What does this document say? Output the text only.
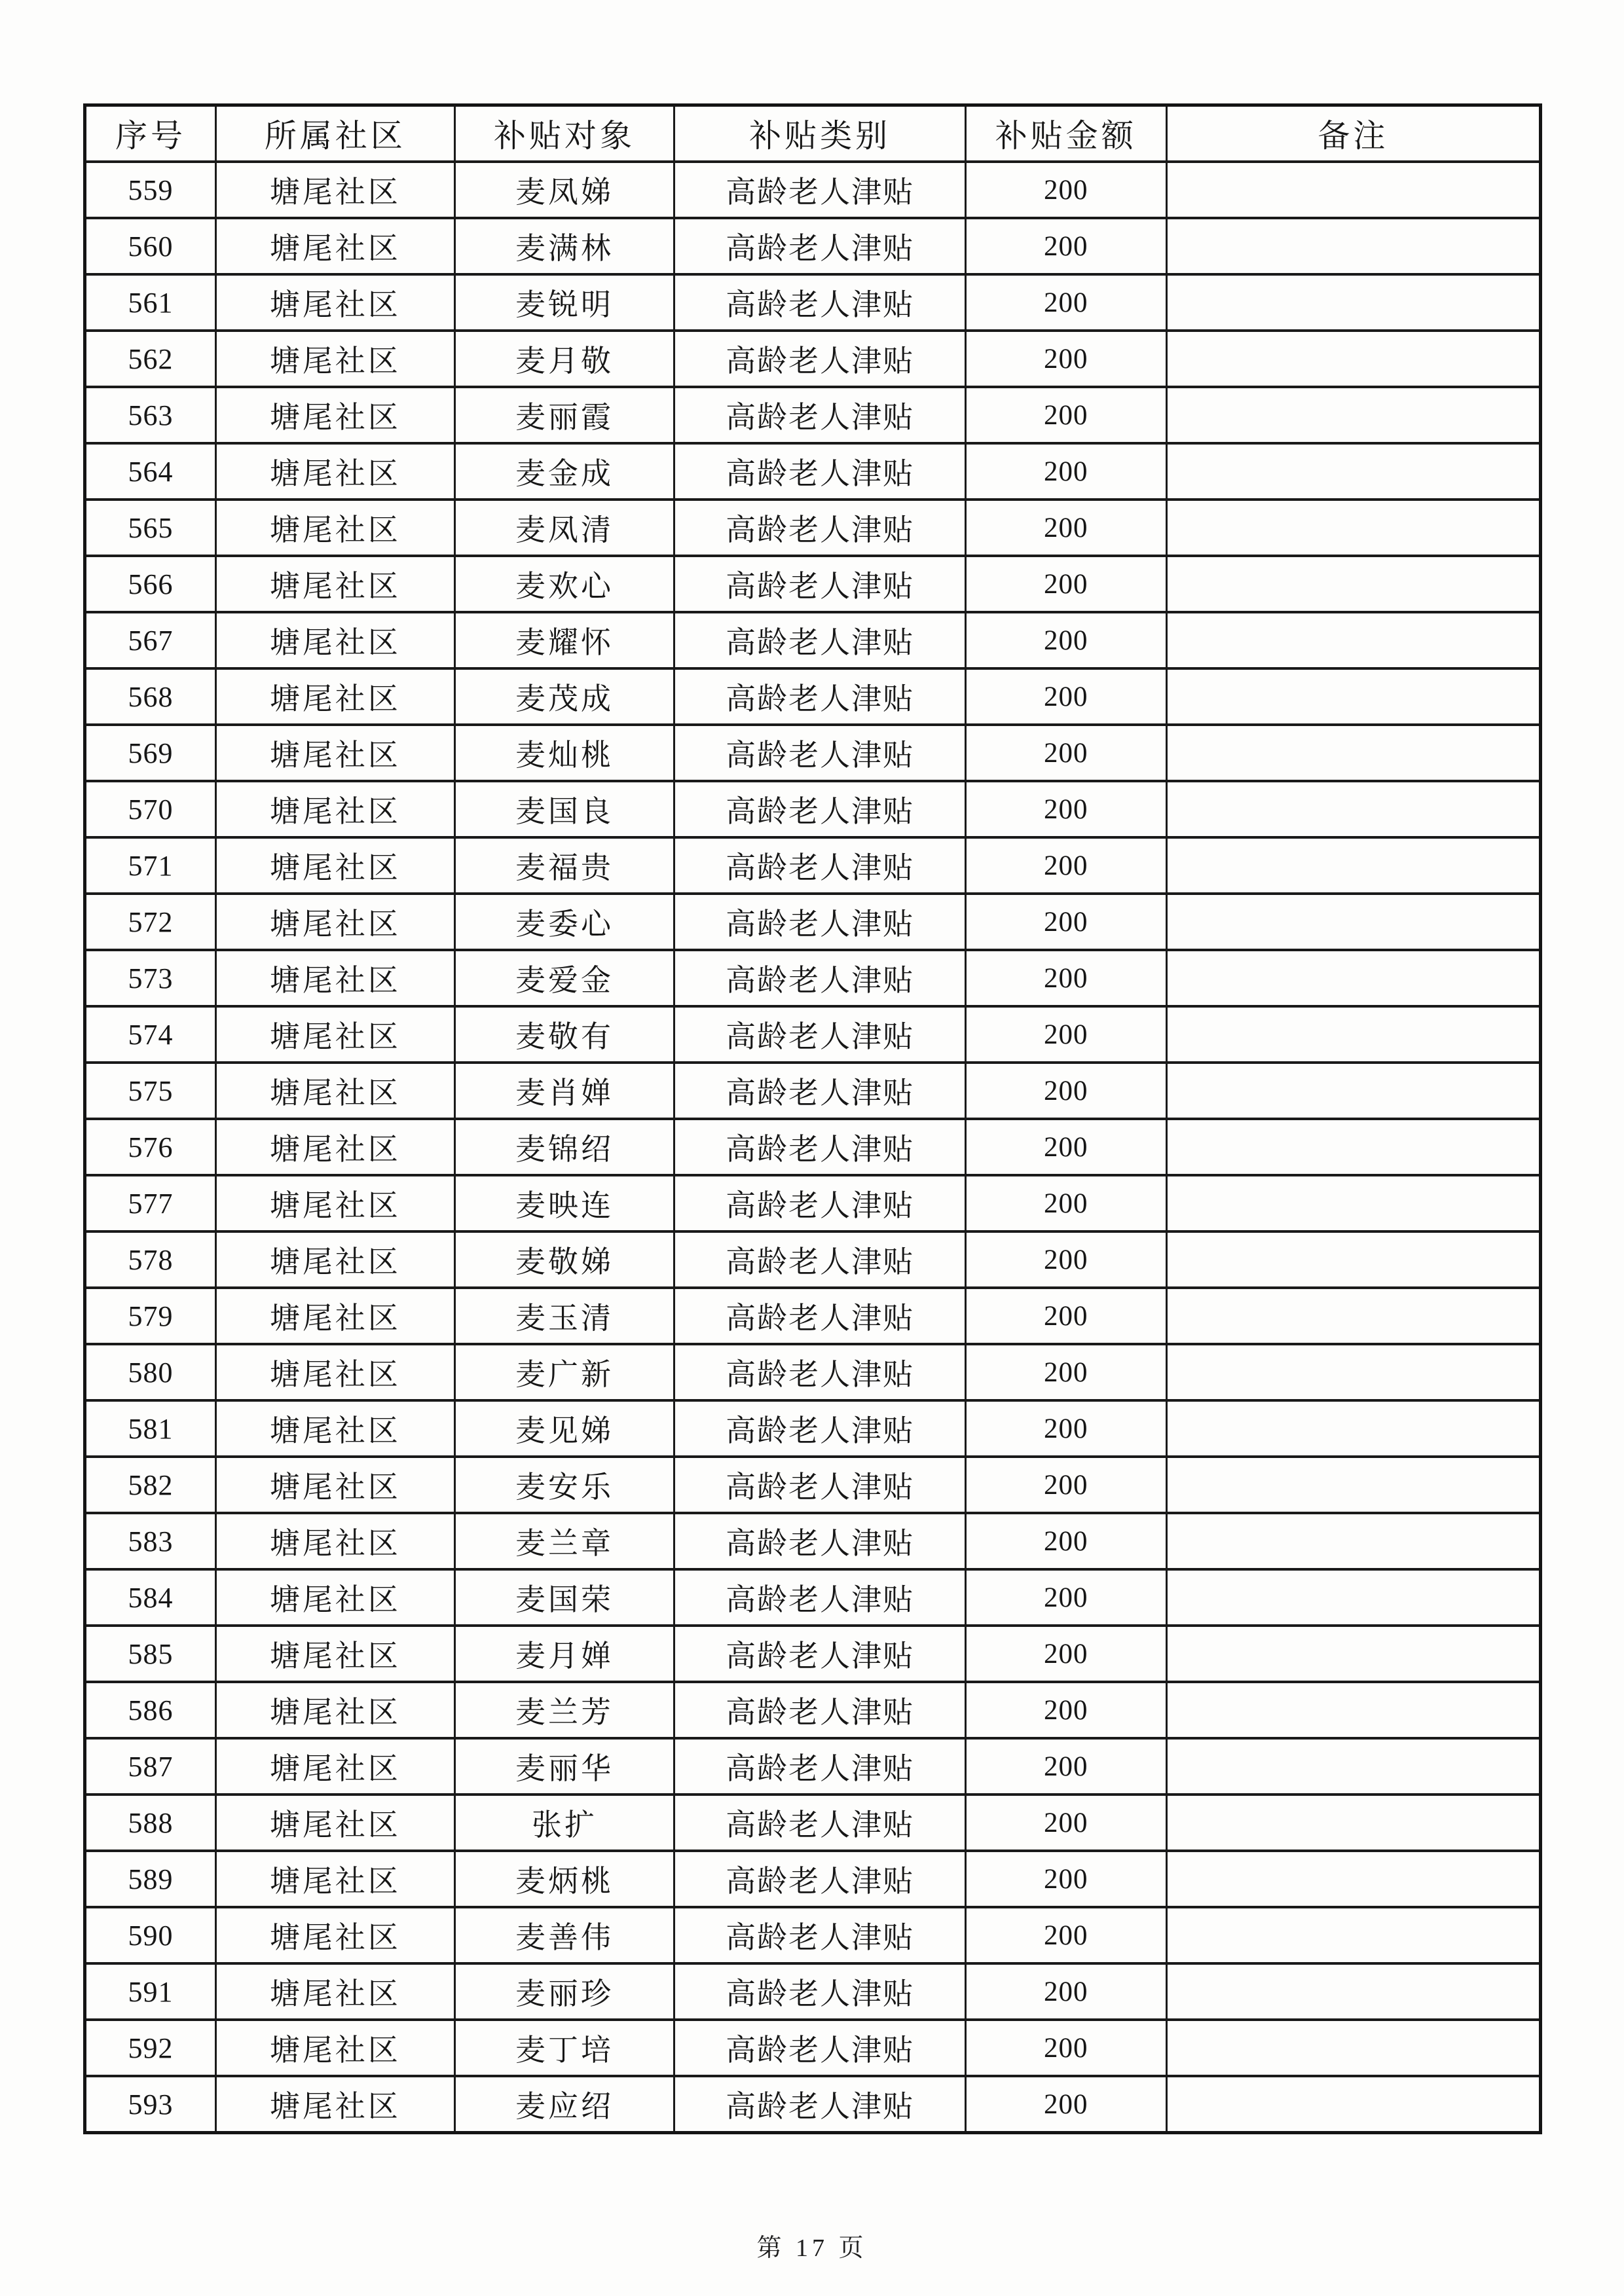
序号	所属社区	补贴对象	补贴类别	补贴金额	备注
559	塘尾社区	麦凤娣	高龄老人津贴	200	
560	塘尾社区	麦满林	高龄老人津贴	200	
561	塘尾社区	麦锐明	高龄老人津贴	200	
562	塘尾社区	麦月敬	高龄老人津贴	200	
563	塘尾社区	麦丽霞	高龄老人津贴	200	
564	塘尾社区	麦金成	高龄老人津贴	200	
565	塘尾社区	麦凤清	高龄老人津贴	200	
566	塘尾社区	麦欢心	高龄老人津贴	200	
567	塘尾社区	麦耀怀	高龄老人津贴	200	
568	塘尾社区	麦茂成	高龄老人津贴	200	
569	塘尾社区	麦灿桃	高龄老人津贴	200	
570	塘尾社区	麦国良	高龄老人津贴	200	
571	塘尾社区	麦福贵	高龄老人津贴	200	
572	塘尾社区	麦委心	高龄老人津贴	200	
573	塘尾社区	麦爱金	高龄老人津贴	200	
574	塘尾社区	麦敬有	高龄老人津贴	200	
575	塘尾社区	麦肖婵	高龄老人津贴	200	
576	塘尾社区	麦锦绍	高龄老人津贴	200	
577	塘尾社区	麦映连	高龄老人津贴	200	
578	塘尾社区	麦敬娣	高龄老人津贴	200	
579	塘尾社区	麦玉清	高龄老人津贴	200	
580	塘尾社区	麦广新	高龄老人津贴	200	
581	塘尾社区	麦见娣	高龄老人津贴	200	
582	塘尾社区	麦安乐	高龄老人津贴	200	
583	塘尾社区	麦兰章	高龄老人津贴	200	
584	塘尾社区	麦国荣	高龄老人津贴	200	
585	塘尾社区	麦月婵	高龄老人津贴	200	
586	塘尾社区	麦兰芳	高龄老人津贴	200	
587	塘尾社区	麦丽华	高龄老人津贴	200	
588	塘尾社区	张扩	高龄老人津贴	200	
589	塘尾社区	麦炳桃	高龄老人津贴	200	
590	塘尾社区	麦善伟	高龄老人津贴	200	
591	塘尾社区	麦丽珍	高龄老人津贴	200	
592	塘尾社区	麦丁培	高龄老人津贴	200	
593	塘尾社区	麦应绍	高龄老人津贴	200	
第 17 页
